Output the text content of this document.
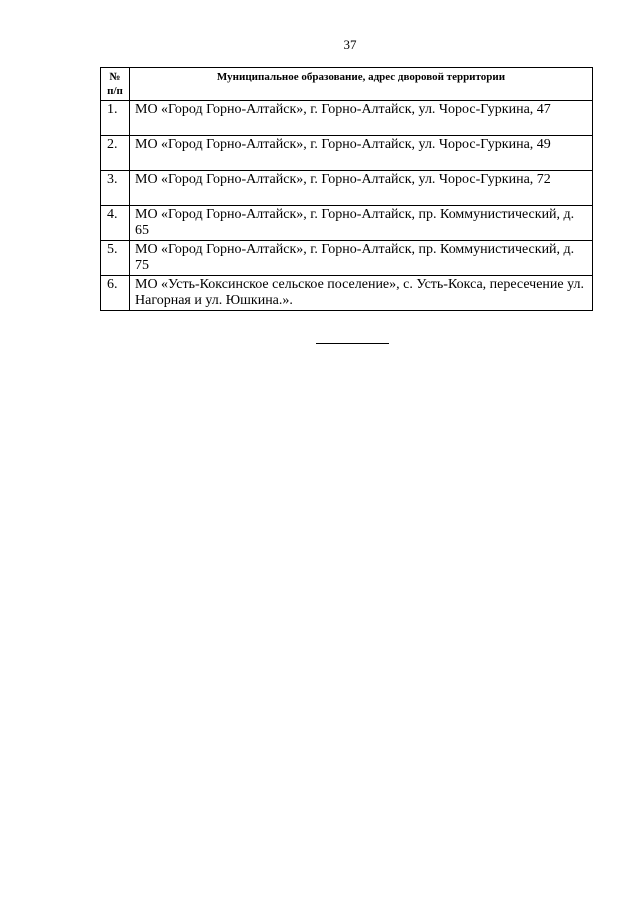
37
№ п/п	Муниципальное образование, адрес дворовой территории
1.	МО «Город Горно-Алтайск», г. Горно-Алтайск, ул. Чорос-Гуркина, 47
2.	МО «Город Горно-Алтайск», г. Горно-Алтайск, ул. Чорос-Гуркина, 49
3.	МО «Город Горно-Алтайск», г. Горно-Алтайск, ул. Чорос-Гуркина, 72
4.	МО «Город Горно-Алтайск», г. Горно-Алтайск, пр. Коммунистический, д. 65
5.	МО «Город Горно-Алтайск», г. Горно-Алтайск, пр. Коммунистический, д. 75
6.	МО «Усть-Коксинское сельское поселение», с. Усть-Кокса, пересечение ул. Нагорная и ул. Юшкина.».
